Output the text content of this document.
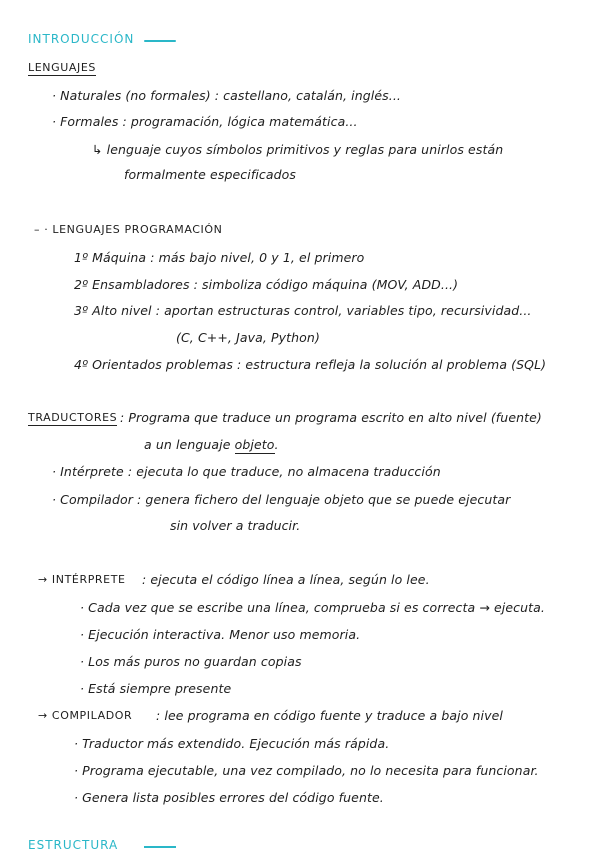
INTRODUCCIÓN
LENGUAJES
· Naturales (no formales) : castellano, catalán, inglés...
· Formales : programación, lógica matemática...
↳ lenguaje cuyos símbolos primitivos y reglas para unirlos están
formalmente especificados
– · LENGUAJES PROGRAMACIÓN
1º Máquina : más bajo nivel, 0 y 1, el primero
2º Ensambladores : simboliza código máquina (MOV, ADD...)
3º Alto nivel : aportan estructuras control, variables tipo, recursividad...
(C, C++, Java, Python)
4º Orientados problemas : estructura refleja la solución al problema (SQL)
TRADUCTORES : Programa que traduce un programa escrito en alto nivel (fuente)
a un lenguaje objeto.
· Intérprete : ejecuta lo que traduce, no almacena traducción
· Compilador : genera fichero del lenguaje objeto que se puede ejecutar
sin volver a traducir.
→ INTÉRPRETE : ejecuta el código línea a línea, según lo lee.
· Cada vez que se escribe una línea, comprueba si es correcta → ejecuta.
· Ejecución interactiva. Menor uso memoria.
· Los más puros no guardan copias
· Está siempre presente
→ COMPILADOR : lee programa en código fuente y traduce a bajo nivel
· Traductor más extendido. Ejecución más rápida.
· Programa ejecutable, una vez compilado, no lo necesita para funcionar.
· Genera lista posibles errores del código fuente.
ESTRUCTURA
